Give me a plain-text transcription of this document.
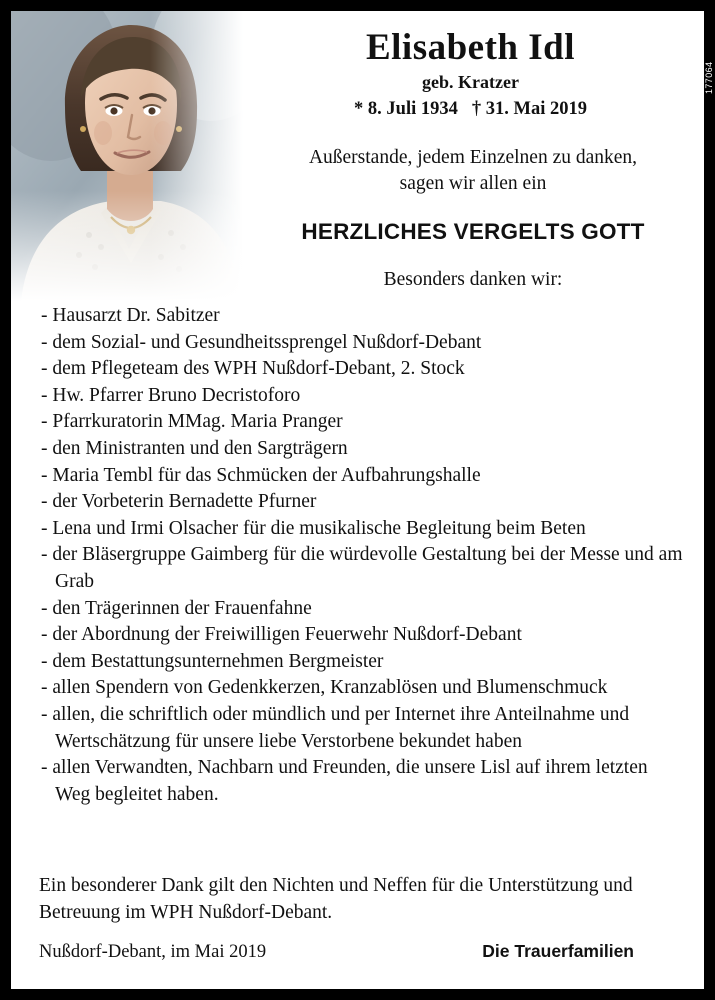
177064
Elisabeth Idl
geb. Kratzer
* 8. Juli 1934 † 31. Mai 2019
Außerstande, jedem Einzelnen zu danken,
sagen wir allen ein
HERZLICHES VERGELTS GOTT
Besonders danken wir:
- Hausarzt Dr. Sabitzer
- dem Sozial- und Gesundheitssprengel Nußdorf-Debant
- dem Pflegeteam des WPH Nußdorf-Debant, 2. Stock
- Hw. Pfarrer Bruno Decristoforo
- Pfarrkuratorin MMag. Maria Pranger
- den Ministranten und den Sargträgern
- Maria Tembl für das Schmücken der Aufbahrungshalle
- der Vorbeterin Bernadette Pfurner
- Lena und Irmi Olsacher für die musikalische Begleitung beim Beten
- der Bläsergruppe Gaimberg für die würdevolle Gestaltung bei der Messe und am Grab
- den Trägerinnen der Frauenfahne
- der Abordnung der Freiwilligen Feuerwehr Nußdorf-Debant
- dem Bestattungsunternehmen Bergmeister
- allen Spendern von Gedenkkerzen, Kranzablösen und Blumenschmuck
- allen, die schriftlich oder mündlich und per Internet ihre Anteilnahme und Wertschätzung für unsere liebe Verstorbene bekundet haben
- allen Verwandten, Nachbarn und Freunden, die unsere Lisl auf ihrem letzten Weg begleitet haben.
Ein besonderer Dank gilt den Nichten und Neffen für die Unterstützung und Betreuung im WPH Nußdorf-Debant.
Nußdorf-Debant, im Mai 2019	Die Trauerfamilien
